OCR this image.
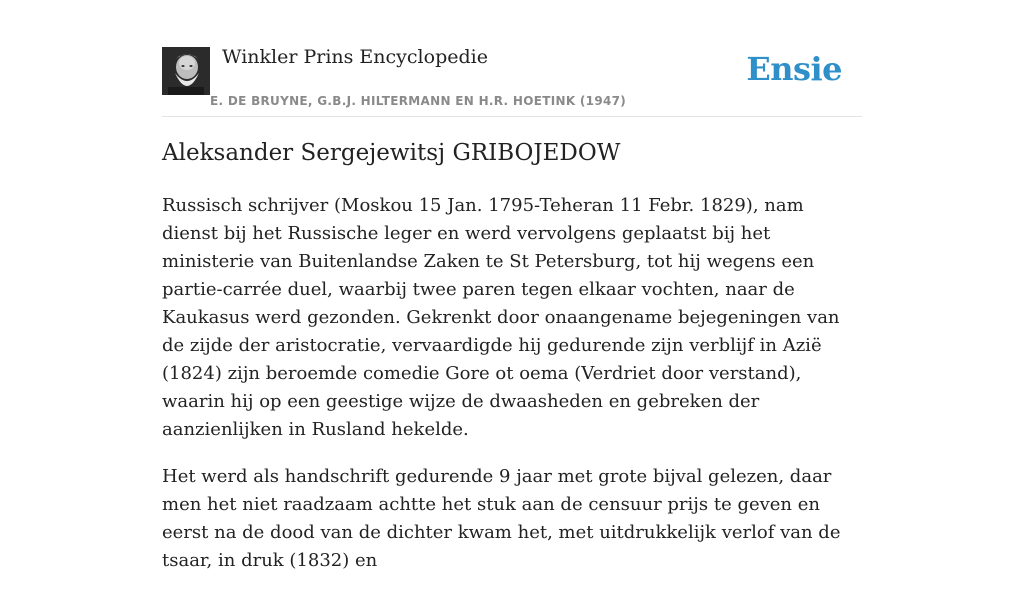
Winkler Prins Encyclopedie
E. DE BRUYNE, G.B.J. HILTERMANN EN H.R. HOETINK (1947)
Ensie
Aleksander Sergejewitsj GRIBOJEDOW

Russisch schrijver (Moskou 15 Jan. 1795-Teheran 11 Febr. 1829), nam dienst bij het Russische leger en werd vervolgens geplaatst bij het ministerie van Buitenlandse Zaken te St Petersburg, tot hij wegens een partie-carrée duel, waarbij twee paren tegen elkaar vochten, naar de Kaukasus werd gezonden. Gekrenkt door onaangename bejegeningen van de zijde der aristocratie, vervaardigde hij gedurende zijn verblijf in Azië (1824) zijn beroemde comedie Gore ot oema (Verdriet door verstand), waarin hij op een geestige wijze de dwaasheden en gebreken der aanzienlijken in Rusland hekelde.

Het werd als handschrift gedurende 9 jaar met grote bijval gelezen, daar men het niet raadzaam achtte het stuk aan de censuur prijs te geven en eerst na de dood van de dichter kwam het, met uitdrukkelijk verlof van de tsaar, in druk (1832) en
